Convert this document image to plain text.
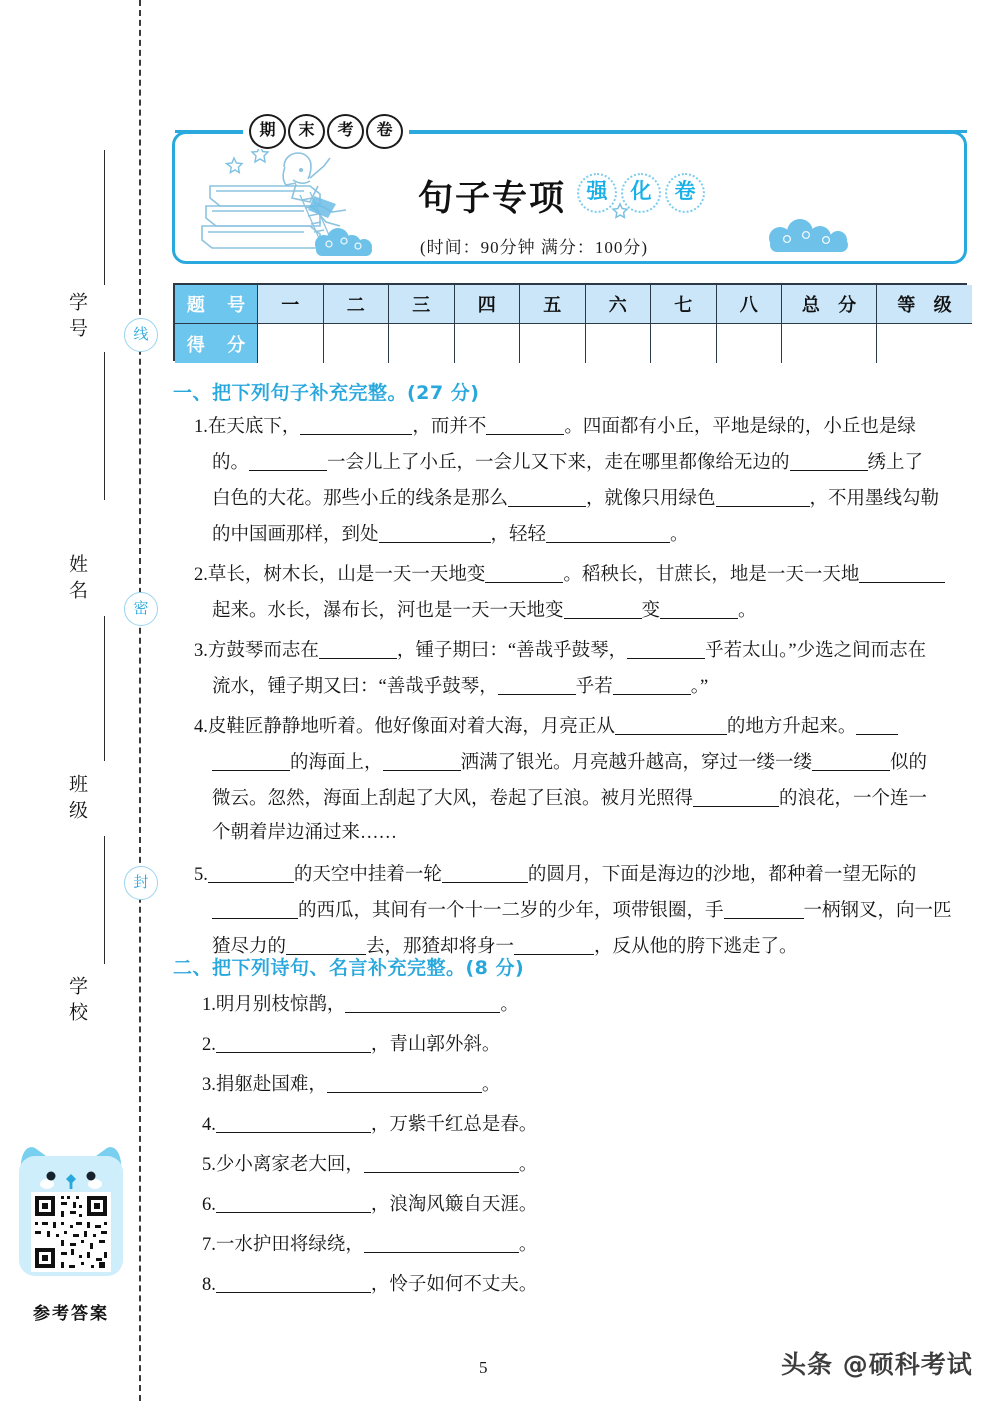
线
密
封
学号
姓名
班级
学校
参考答案
期	末	考	卷
句子专项 强	化	卷
(时间：90分钟 满分：100分)
题 号	一	二	三	四	五	六	七	八	总 分	等 级
得 分
一、把下列句子补充完整。(27 分)
1.在天底下，	，而并不	。四面都有小丘，平地是绿的，小丘也是绿
的。	一会儿上了小丘，一会儿又下来，走在哪里都像给无边的	绣上了
白色的大花。那些小丘的线条是那么	，就像只用绿色	，不用墨线勾勒
的中国画那样，到处	，轻轻	。
2.草长，树木长，山是一天一天地变	。稻秧长，甘蔗长，地是一天一天地
起来。水长，瀑布长，河也是一天一天地变	变	。
3.方鼓琴而志在	，锺子期曰：“善哉乎鼓琴，	乎若太山。”少选之间而志在
流水，锺子期又曰：“善哉乎鼓琴，	乎若	。”
4.皮鞋匠静静地听着。他好像面对着大海，月亮正从	的地方升起来。
的海面上，	洒满了银光。月亮越升越高，穿过一缕一缕	似的
微云。忽然，海面上刮起了大风，卷起了巨浪。被月光照得	的浪花，一个连一
个朝着岸边涌过来……
5.	的天空中挂着一轮	的圆月，下面是海边的沙地，都种着一望无际的
的西瓜，其间有一个十一二岁的少年，项带银圈，手	一柄钢叉，向一匹
猹尽力的	去，那猹却将身一	，反从他的胯下逃走了。
二、把下列诗句、名言补充完整。(8 分)
1.明月别枝惊鹊，	。
2.	，青山郭外斜。
3.捐躯赴国难，	。
4.	，万紫千红总是春。
5.少小离家老大回，	。
6.	，浪淘风簸自天涯。
7.一水护田将绿绕，	。
8.	，怜子如何不丈夫。
5	头条 @硕科考试
